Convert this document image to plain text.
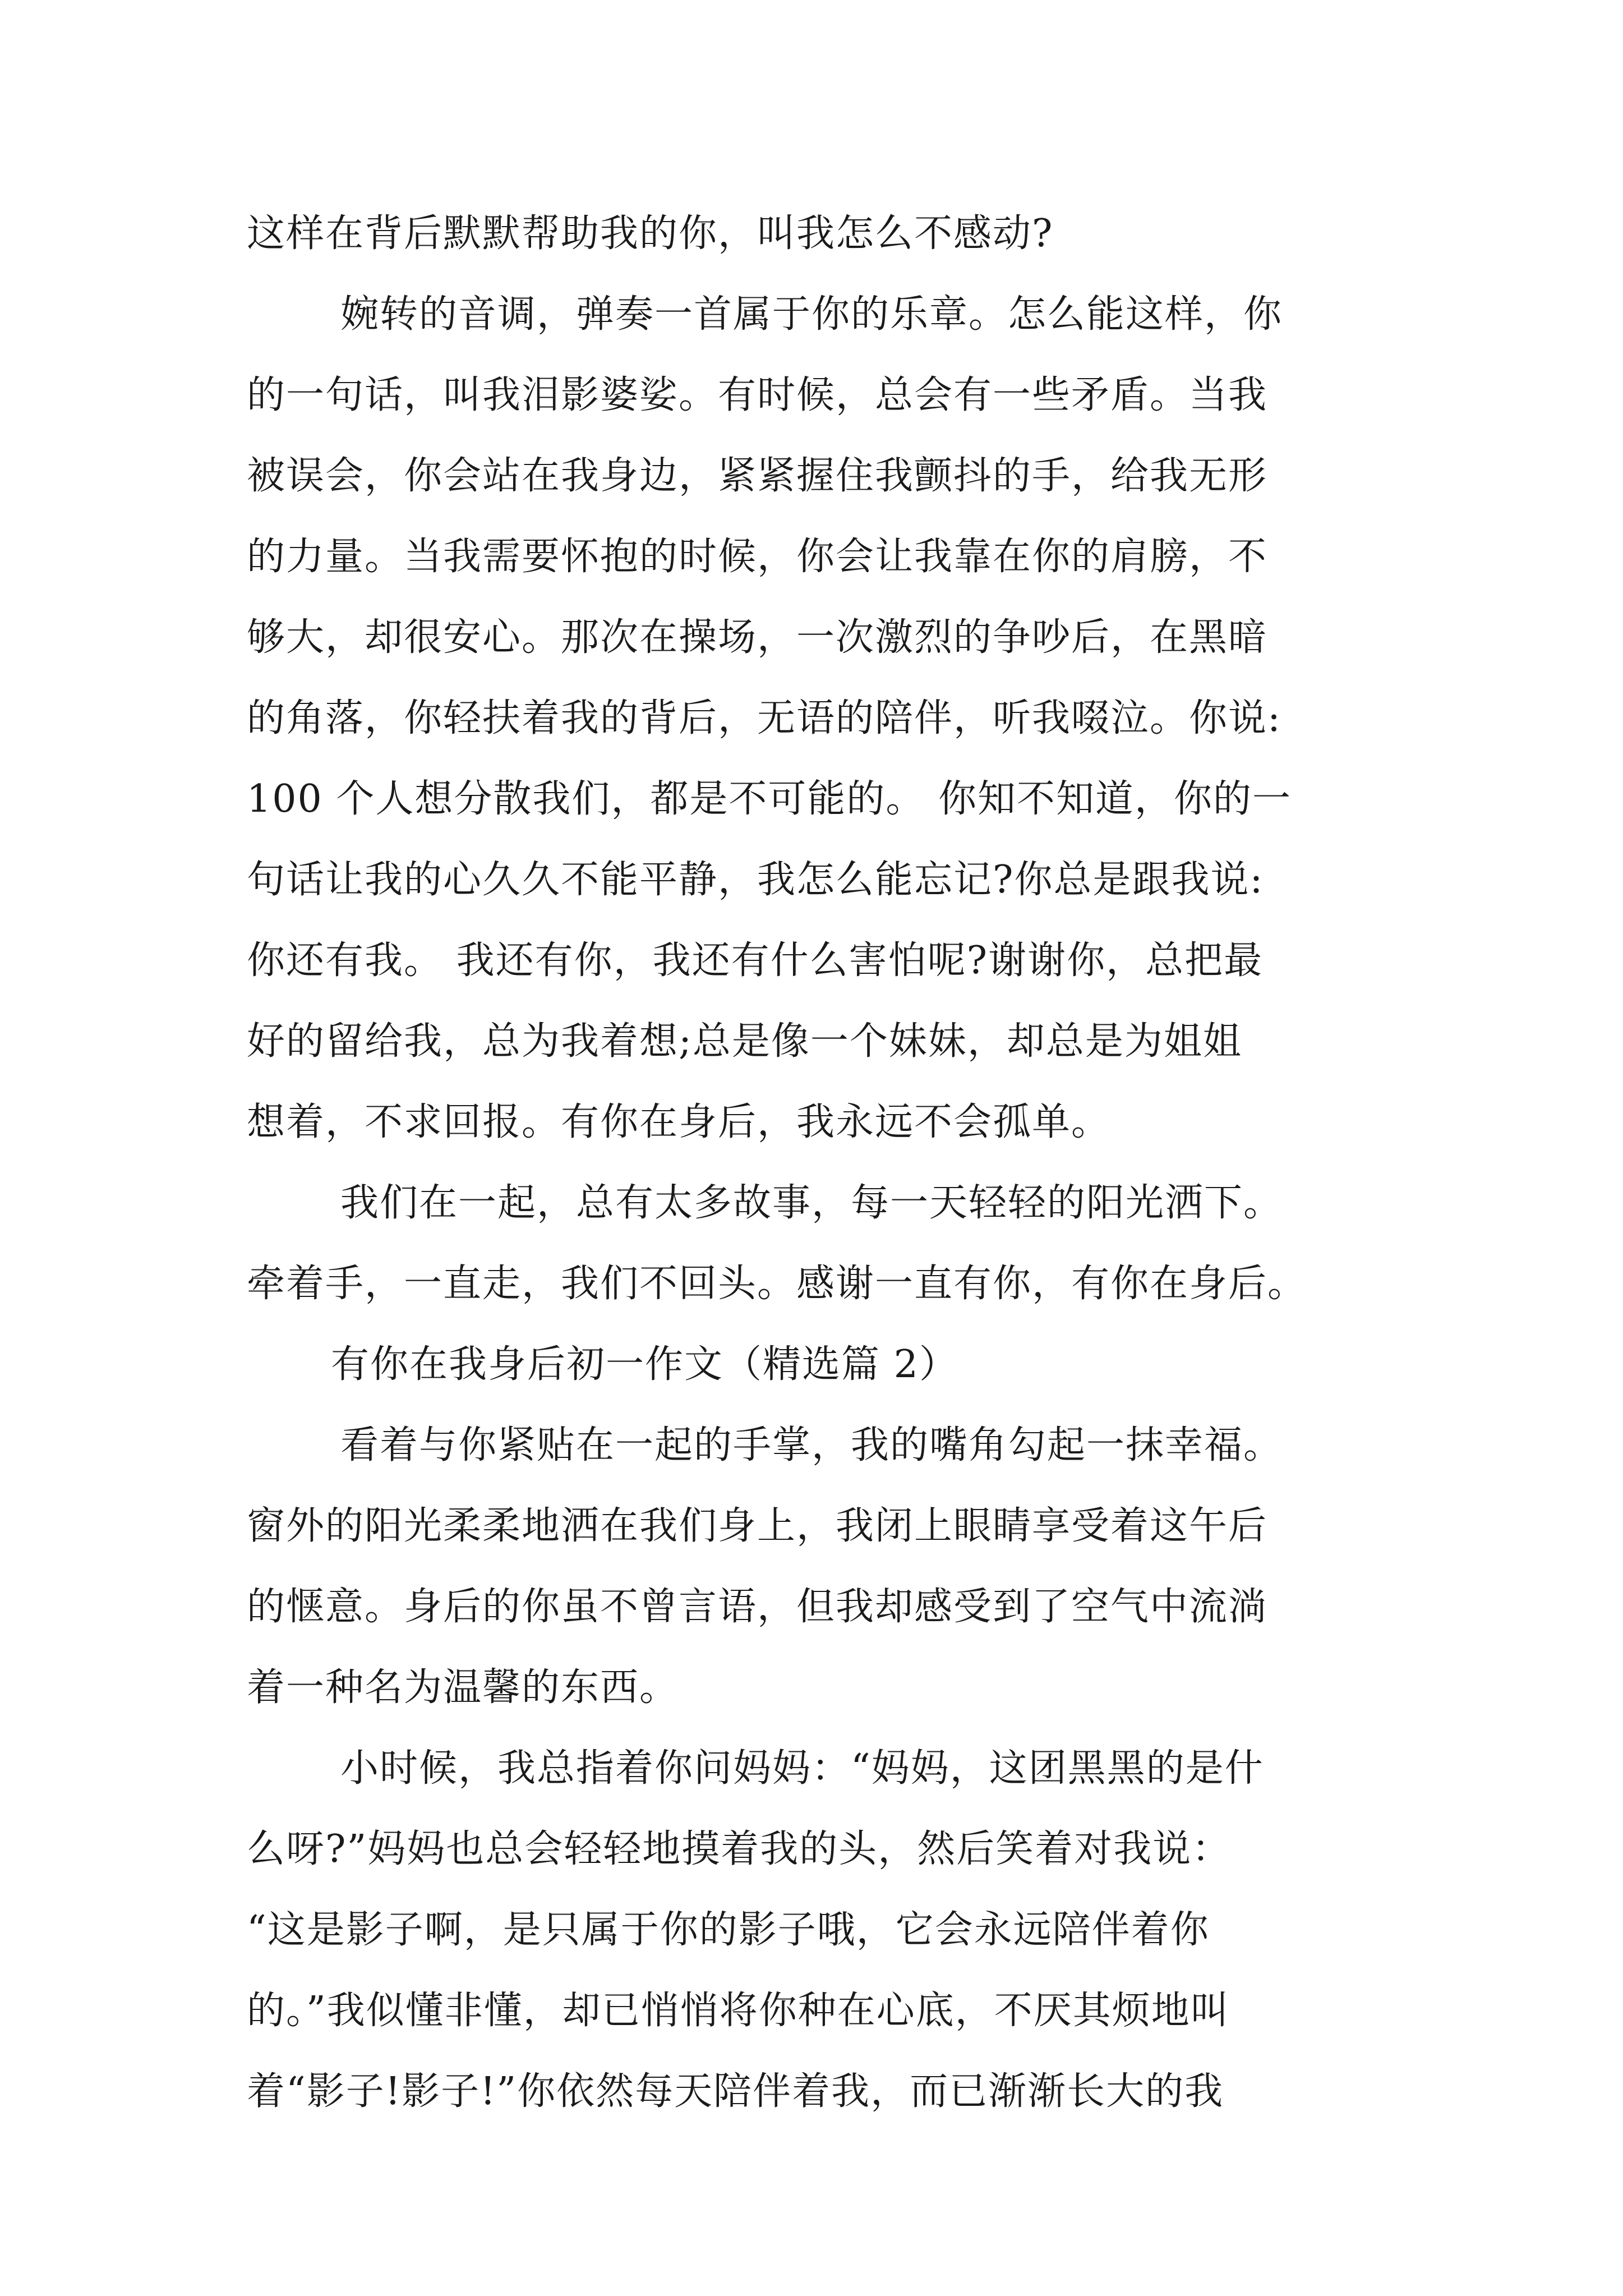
这样在背后默默帮助我的你，叫我怎么不感动?
婉转的音调，弹奏一首属于你的乐章。怎么能这样，你
的一句话，叫我泪影婆娑。有时候，总会有一些矛盾。当我
被误会，你会站在我身边，紧紧握住我颤抖的手，给我无形
的力量。当我需要怀抱的时候，你会让我靠在你的肩膀，不
够大，却很安心。那次在操场，一次激烈的争吵后，在黑暗
的角落，你轻扶着我的背后，无语的陪伴，听我啜泣。你说:
100 个人想分散我们，都是不可能的。 你知不知道，你的一
句话让我的心久久不能平静，我怎么能忘记?你总是跟我说:
你还有我。 我还有你，我还有什么害怕呢?谢谢你，总把最
好的留给我，总为我着想;总是像一个妹妹，却总是为姐姐
想着，不求回报。有你在身后，我永远不会孤单。
我们在一起，总有太多故事，每一天轻轻的阳光洒下。
牵着手，一直走，我们不回头。感谢一直有你，有你在身后。
有你在我身后初一作文（精选篇 2）
看着与你紧贴在一起的手掌，我的嘴角勾起一抹幸福。
窗外的阳光柔柔地洒在我们身上，我闭上眼睛享受着这午后
的惬意。身后的你虽不曾言语，但我却感受到了空气中流淌
着一种名为温馨的东西。
小时候，我总指着你问妈妈：“妈妈，这团黑黑的是什
么呀?”妈妈也总会轻轻地摸着我的头，然后笑着对我说：
“这是影子啊，是只属于你的影子哦，它会永远陪伴着你
的。”我似懂非懂，却已悄悄将你种在心底，不厌其烦地叫
着“影子!影子!”你依然每天陪伴着我，而已渐渐长大的我
